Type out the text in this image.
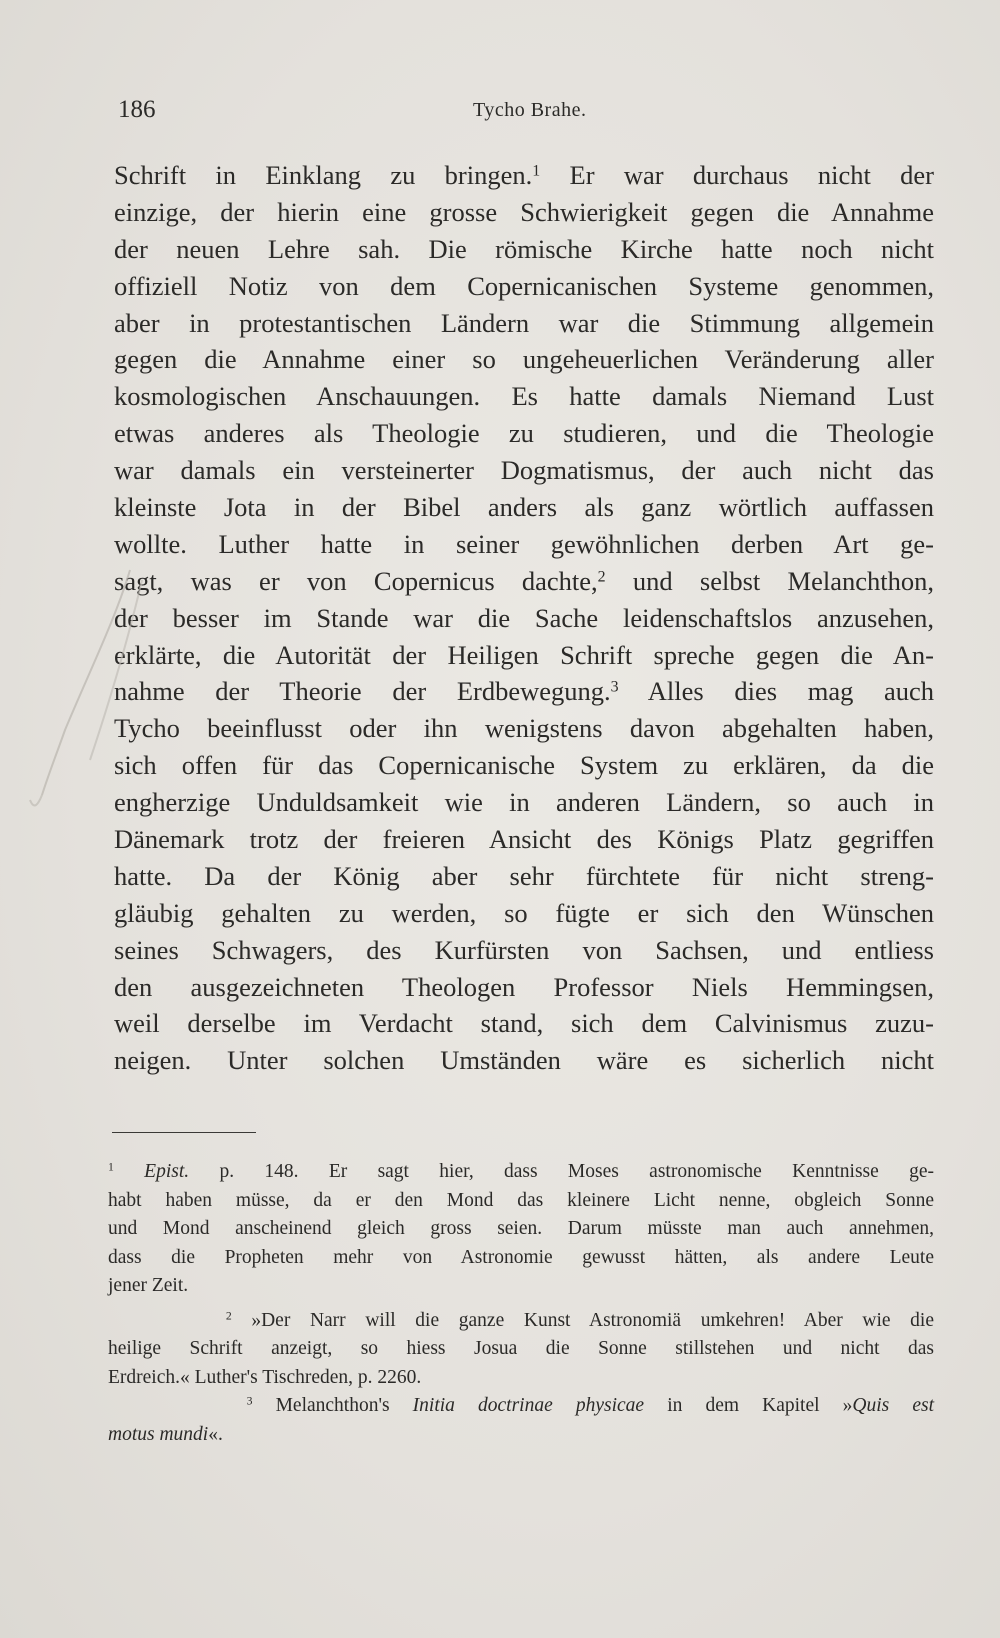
186	Tycho Brahe.
Schrift in Einklang zu bringen.$^1$ Er war durchaus nicht der
einzige, der hierin eine grosse Schwierigkeit gegen die Annahme
der neuen Lehre sah. Die römische Kirche hatte noch nicht
offiziell Notiz von dem Copernicanischen Systeme genommen,
aber in protestantischen Ländern war die Stimmung allgemein
gegen die Annahme einer so ungeheuerlichen Veränderung aller
kosmologischen Anschauungen. Es hatte damals Niemand Lust
etwas anderes als Theologie zu studieren, und die Theologie
war damals ein versteinerter Dogmatismus, der auch nicht das
kleinste Jota in der Bibel anders als ganz wörtlich auffassen
wollte. Luther hatte in seiner gewöhnlichen derben Art ge-
sagt, was er von Copernicus dachte,$^2$ und selbst Melanchthon,
der besser im Stande war die Sache leidenschaftslos anzusehen,
erklärte, die Autorität der Heiligen Schrift spreche gegen die An-
nahme der Theorie der Erdbewegung.$^3$ Alles dies mag auch
Tycho beeinflusst oder ihn wenigstens davon abgehalten haben,
sich offen für das Copernicanische System zu erklären, da die
engherzige Unduldsamkeit wie in anderen Ländern, so auch in
Dänemark trotz der freieren Ansicht des Königs Platz gegriffen
hatte. Da der König aber sehr fürchtete für nicht streng-
gläubig gehalten zu werden, so fügte er sich den Wünschen
seines Schwagers, des Kurfürsten von Sachsen, und entliess
den ausgezeichneten Theologen Professor Niels Hemmingsen,
weil derselbe im Verdacht stand, sich dem Calvinismus zuzu-
neigen. Unter solchen Umständen wäre es sicherlich nicht
$^1$ Epist. p. 148. Er sagt hier, dass Moses astronomische Kenntnisse ge-
habt haben müsse, da er den Mond das kleinere Licht nenne, obgleich Sonne
und Mond anscheinend gleich gross seien. Darum müsste man auch annehmen,
dass die Propheten mehr von Astronomie gewusst hätten, als andere Leute
jener Zeit.
$^2$ »Der Narr will die ganze Kunst Astronomiä umkehren! Aber wie die
heilige Schrift anzeigt, so hiess Josua die Sonne stillstehen und nicht das
Erdreich.« Luther's Tischreden, p. 2260.
$^3$ Melanchthon's Initia doctrinae physicae in dem Kapitel »Quis est
motus mundi«.
